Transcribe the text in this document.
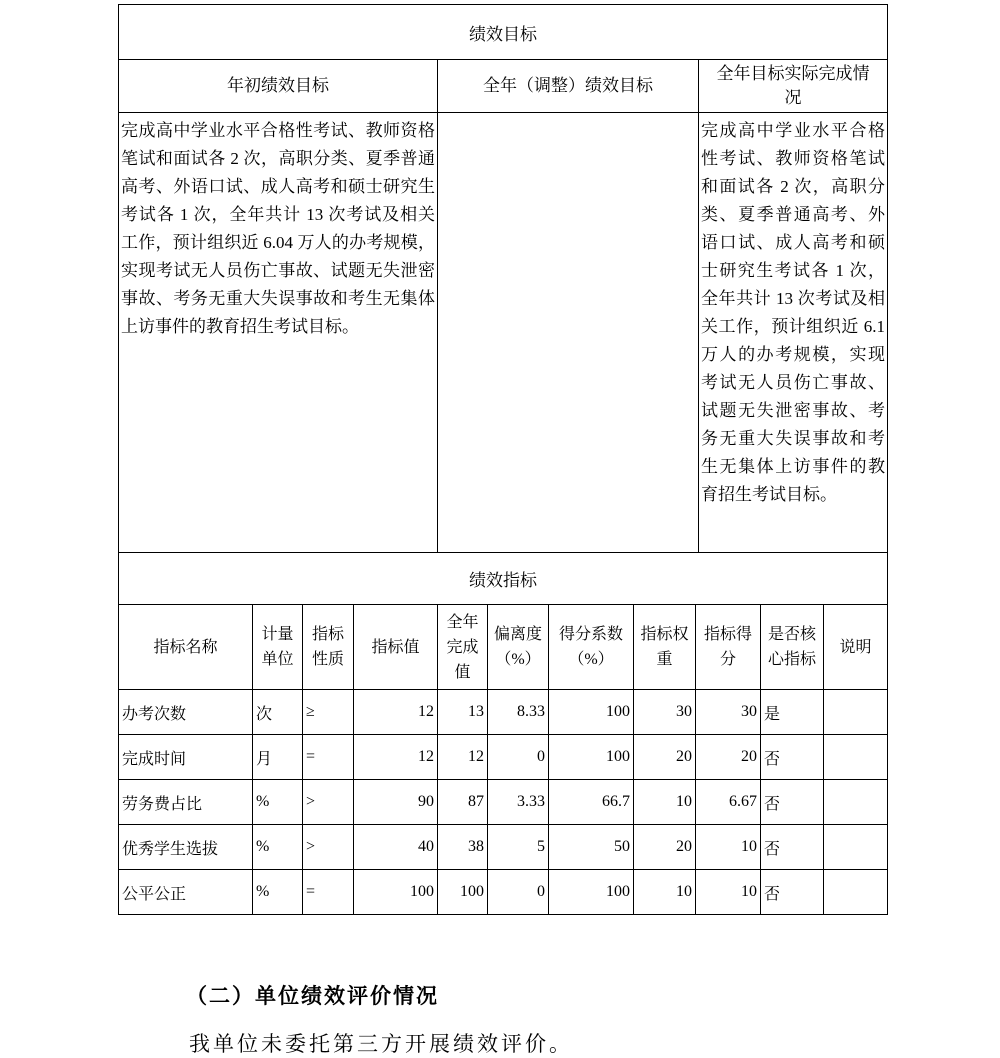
绩效目标		
年初绩效目标	全年（调整）绩效目标	全年目标实际完成情况
完成高中学业水平合格性考试、教师资格笔试和面试各 2 次，高职分类、夏季普通高考、外语口试、成人高考和硕士研究生考试各 1 次，全年共计 13 次考试及相关工作，预计组织近 6.04 万人的办考规模，实现考试无人员伤亡事故、试题无失泄密事故、考务无重大失误事故和考生无集体上访事件的教育招生考试目标。		完成高中学业水平合格性考试、教师资格笔试和面试各 2 次，高职分类、夏季普通高考、外语口试、成人高考和硕士研究生考试各 1 次，全年共计 13 次考试及相关工作，预计组织近 6.1 万人的办考规模，实现考试无人员伤亡事故、试题无失泄密事故、考务无重大失误事故和考生无集体上访事件的教育招生考试目标。
绩效指标										
指标名称	计量单位	指标性质	指标值	全年完成值	偏离度（%）	得分系数（%）	指标权重	指标得分	是否核心指标	说明
办考次数	次	≥	12	13	8.33	100	30	30	是	
完成时间	月	=	12	12	0	100	20	20	否	
劳务费占比	%	>	90	87	3.33	66.7	10	6.67	否	
优秀学生选拔	%	>	40	38	5	50	20	10	否	
公平公正	%	=	100	100	0	100	10	10	否	
（二）单位绩效评价情况
我单位未委托第三方开展绩效评价。
